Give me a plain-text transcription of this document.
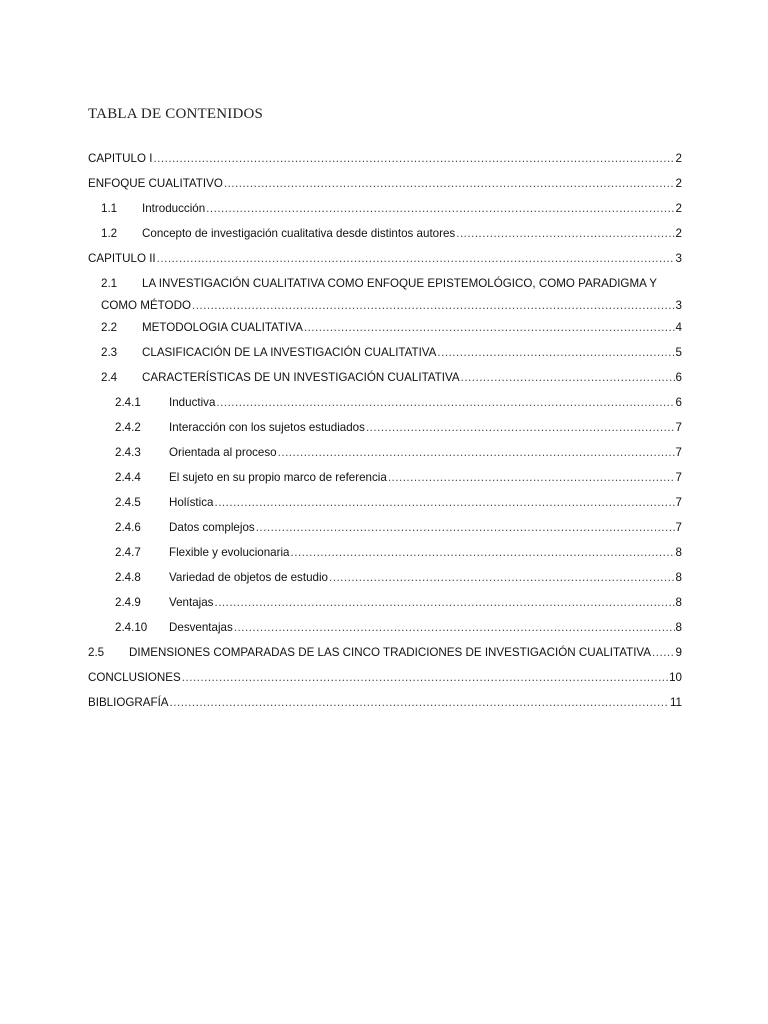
TABLA DE CONTENIDOS
CAPITULO I .....	2
ENFOQUE CUALITATIVO .....	2
1.1	Introducción .....	2
1.2	Concepto de investigación cualitativa desde distintos autores .....	2
CAPITULO II .....	3
2.1	LA INVESTIGACIÓN CUALITATIVA COMO ENFOQUE EPISTEMOLÓGICO, COMO PARADIGMA Y
COMO MÉTODO .....	3
2.2	METODOLOGIA CUALITATIVA .....	4
2.3	CLASIFICACIÓN DE LA INVESTIGACIÓN CUALITATIVA .....	5
2.4	CARACTERÍSTICAS DE UN INVESTIGACIÓN CUALITATIVA .....	6
2.4.1	Inductiva .....	6
2.4.2	Interacción con los sujetos estudiados .....	7
2.4.3	Orientada al proceso .....	7
2.4.4	El sujeto en su propio marco de referencia .....	7
2.4.5	Holística .....	7
2.4.6	Datos complejos .....	7
2.4.7	Flexible y evolucionaria .....	8
2.4.8	Variedad de objetos de estudio .....	8
2.4.9	Ventajas .....	8
2.4.10	Desventajas .....	8
2.5	DIMENSIONES COMPARADAS DE LAS CINCO TRADICIONES DE INVESTIGACIÓN CUALITATIVA ..... 9
CONCLUSIONES .....	10
BIBLIOGRAFÍA .....	11
